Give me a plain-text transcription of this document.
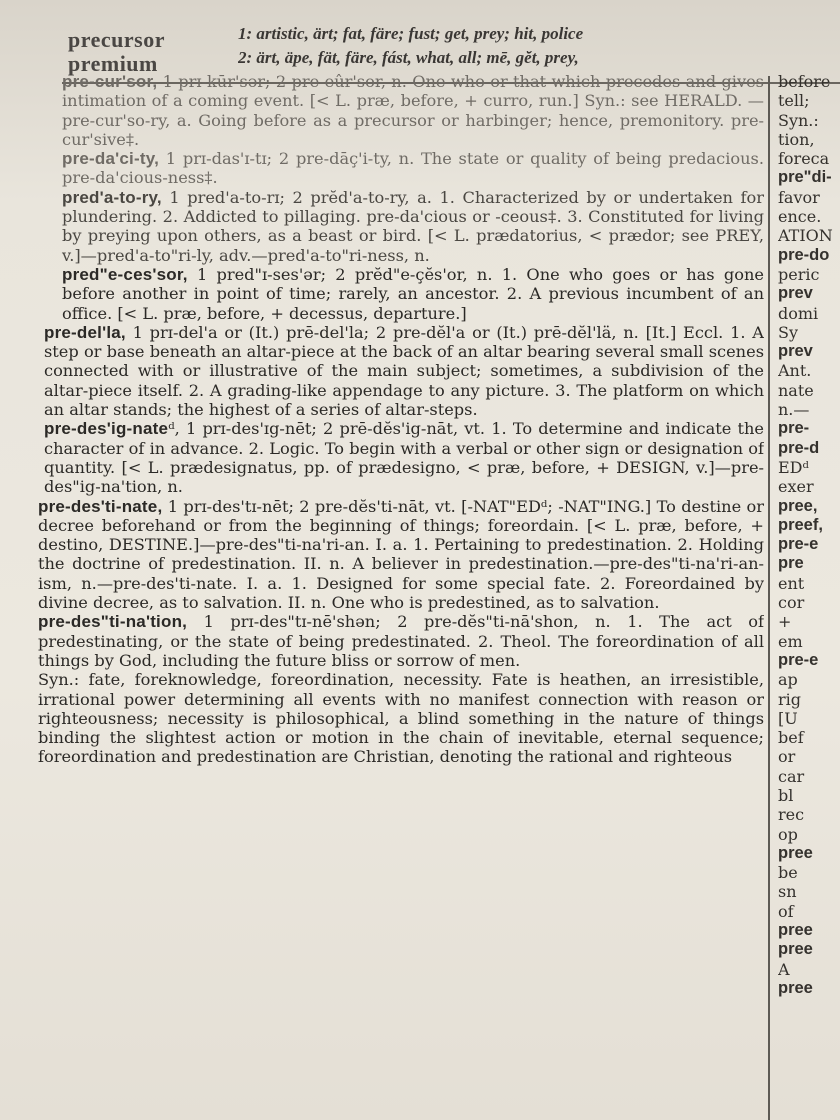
precursor
premium
1: artistic, ärt; fat, färe; fust; get, prey; hit, police
2: ärt, äpe, fät, färe, fást, what, all; mē, gĕt, prey,

pre-cur'sor, 1 prɪ-kūr'sər; 2 pre-eûr'sor, n. One who or that which precedes and gives intimation of a coming event. [< L. præ, before, + curro, run.] Syn.: see HERALD. —pre-cur'so-ry, a. Going before as a precursor or harbinger; hence, premonitory. pre-cur'sive‡.

pre-da'ci-ty, 1 prɪ-das'ɪ-tɪ; 2 pre-dāç'i-ty, n. The state or quality of being predacious. pre-da'cious-ness‡.

pred'a-to-ry, 1 pred'a-to-rɪ; 2 prĕd'a-to-ry, a. 1. Characterized by or undertaken for plundering. 2. Addicted to pillaging. pre-da'cious or -ceous‡. 3. Constituted for living by preying upon others, as a beast or bird. [< L. prædatorius, < prædor; see PREY, v.]—pred'a-to"ri-ly, adv.—pred'a-to"ri-ness, n.

pred"e-ces'sor, 1 pred"ɪ-ses'ər; 2 prĕd"e-çĕs'or, n. 1. One who goes or has gone before another in point of time; rarely, an ancestor. 2. A previous incumbent of an office. [< L. præ, before, + decessus, departure.]

pre-del'la, 1 prɪ-del'a or (It.) prē-del'la; 2 pre-dĕl'a or (It.) prē-dĕl'lä, n. [It.] Eccl. 1. A step or base beneath an altar-piece at the back of an altar bearing several small scenes connected with or illustrative of the main subject; sometimes, a subdivision of the altar-piece itself. 2. A grading-like appendage to any picture. 3. The platform on which an altar stands; the highest of a series of altar-steps.

pre-des'ig-nateᵈ, 1 prɪ-des'ɪg-nēt; 2 prē-dĕs'ig-nāt, vt. 1. To determine and indicate the character of in advance. 2. Logic. To begin with a verbal or other sign or designation of quantity. [< L. prædesignatus, pp. of prædesigno, < præ, before, + DESIGN, v.]—pre-des"ig-na'tion, n.

pre-des'ti-nate, 1 prɪ-des'tɪ-nēt; 2 pre-dĕs'ti-nāt, vt. [-NAT"EDᵈ; -NAT"ING.] To destine or decree beforehand or from the beginning of things; foreordain. [< L. præ, before, + destino, DESTINE.]—pre-des"ti-na'ri-an. I. a. 1. Pertaining to predestination. 2. Holding the doctrine of predestination. II. n. A believer in predestination.—pre-des"ti-na'ri-an-ism, n.—pre-des'ti-nate. I. a. 1. Designed for some special fate. 2. Foreordained by divine decree, as to salvation. II. n. One who is predestined, as to salvation.

pre-des"ti-na'tion, 1 prɪ-des"tɪ-nē'shən; 2 pre-dĕs"ti-nā'shon, n. 1. The act of predestinating, or the state of being predestinated. 2. Theol. The foreordination of all things by God, including the future bliss or sorrow of men.

Syn.: fate, foreknowledge, foreordination, necessity. Fate is heathen, an irresistible, irrational power determining all events with no manifest connection with reason or righteousness; necessity is philosophical, a blind something in the nature of things binding the slightest action or motion in the chain of inevitable, eternal sequence; foreordination and predestination are Christian, denoting the rational and righteous

before
tell;
Syn.:
tion,
foreca
pre"di-
favor
ence.
ATION
pre-do
peric
prev
domi
Sy
prev
Ant.
nate
n.—
pre-
pre-d
EDᵈ
exer
pree,
preef,
pre-e
pre
ent
cor
+
em
pre-e
ap
rig
[U
bef
or
car
bl
rec
op
pree
be
sn
of
pree
pree
A
pree
